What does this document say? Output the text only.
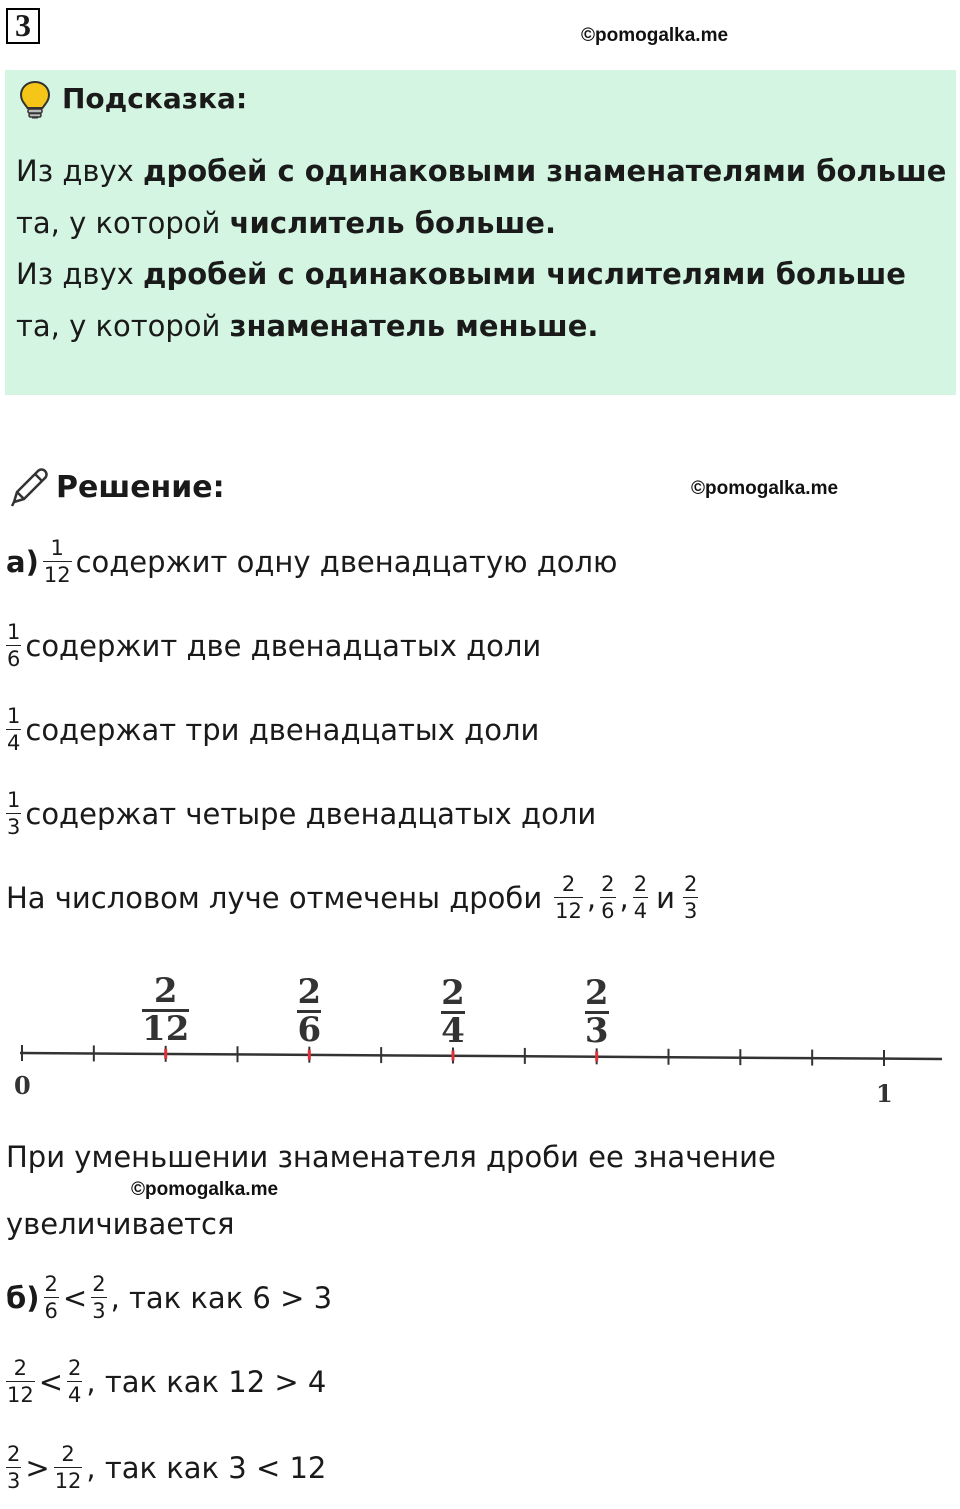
3	©pomogalka.me
Подсказка:
Из двух дробей с одинаковыми знаменателями больше та, у которой числитель больше.
Из двух дробей с одинаковыми числителями больше та, у которой знаменатель меньше.
Решение:	©pomogalka.me
$а) \frac{1}{12}$ содержит одну двенадцатую долю
$\frac{1}{6}$ содержит две двенадцатых доли
$\frac{1}{4}$ содержат три двенадцатых доли
$\frac{1}{3}$ содержат четыре двенадцатых доли
На числовом луче отмечены дроби $\frac{2}{12}$ , $\frac{2}{6}$ , $\frac{2}{4}$ и $\frac{2}{3}$
2
12
2
6
2
4
2
3
0	1
При уменьшении знаменателя дроби ее значение
©pomogalka.me
увеличивается
$б) \frac{2}{6} < \frac{2}{3}$ , так как 6 > 3
$\frac{2}{12} < \frac{2}{4}$ , так как 12 > 4
$\frac{2}{3} > \frac{2}{12}$ , так как 3 < 12
